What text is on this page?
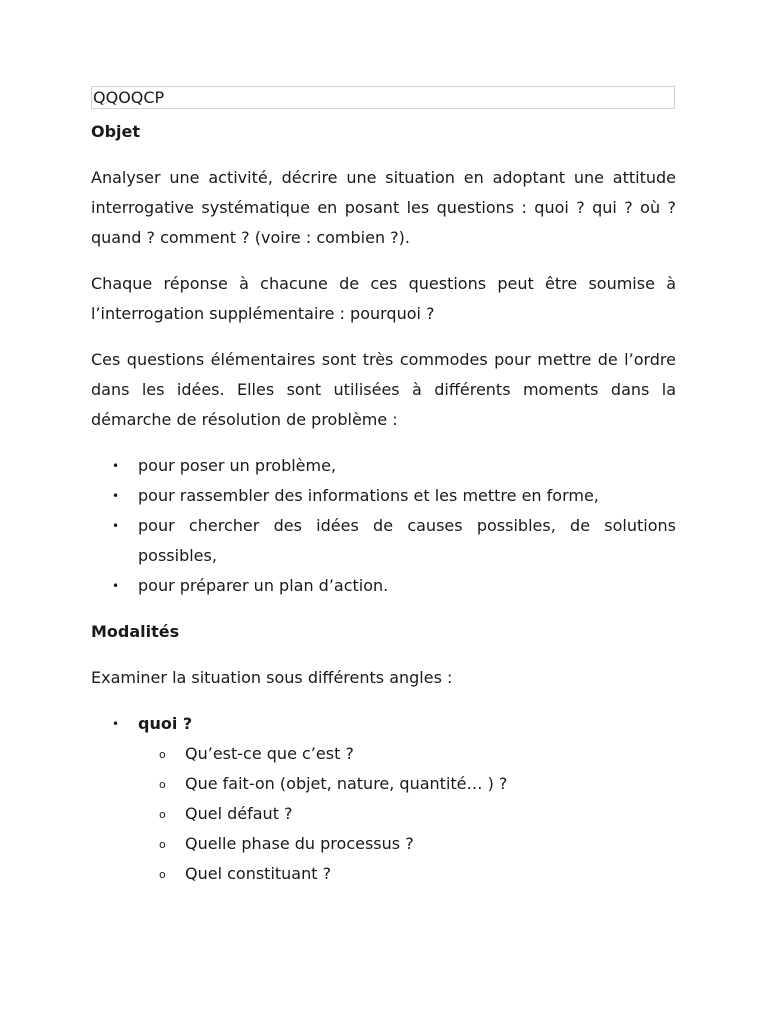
QQOQCP
Objet

Analyser une activité, décrire une situation en adoptant une attitude interrogative systématique en posant les questions : quoi ? qui ? où ? quand ? comment ? (voire : combien ?).

Chaque réponse à chacune de ces questions peut être soumise à l’interrogation supplémentaire : pourquoi ?

Ces questions élémentaires sont très commodes pour mettre de l’ordre dans les idées. Elles sont utilisées à différents moments dans la démarche de résolution de problème :

• pour poser un problème,
• pour rassembler des informations et les mettre en forme,
• pour chercher des idées de causes possibles, de solutions possibles,
• pour préparer un plan d’action.
Modalités

Examiner la situation sous différents angles :

• quoi ?
o Qu’est-ce que c’est ?
o Que fait-on (objet, nature, quantité… ) ?
o Quel défaut ?
o Quelle phase du processus ?
o Quel constituant ?
